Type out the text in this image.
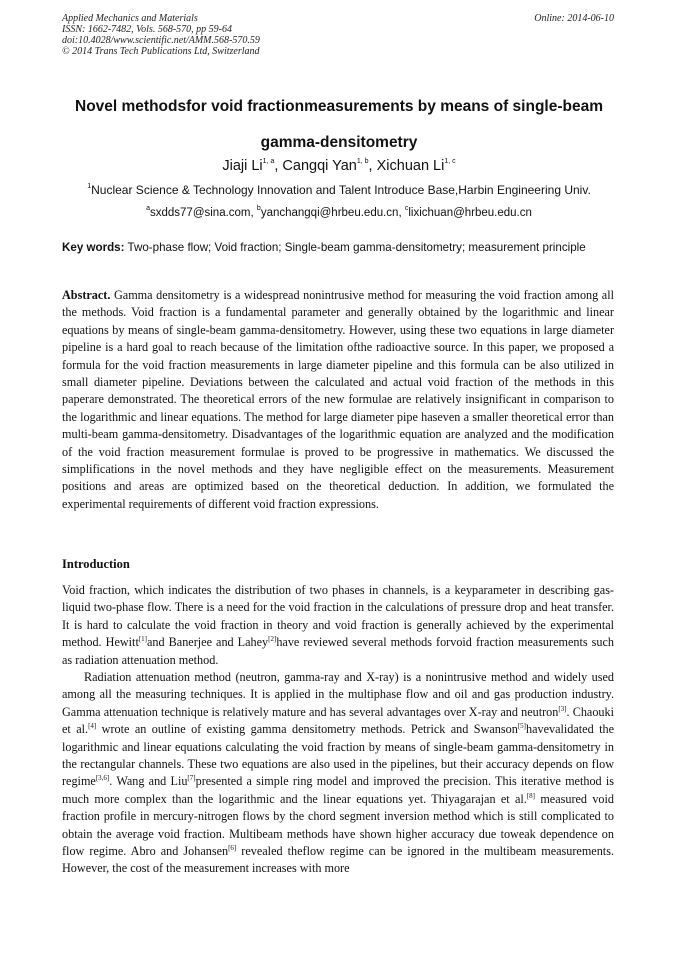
Applied Mechanics and Materials
ISSN: 1662-7482, Vols. 568-570, pp 59-64
doi:10.4028/www.scientific.net/AMM.568-570.59
© 2014 Trans Tech Publications Ltd, Switzerland
Online: 2014-06-10
Novel methodsfor void fractionmeasurements by means of single-beam
gamma-densitometry
Jiaji Li$^{1, a}$, Cangqi Yan$^{1, b}$, Xichuan Li$^{1, c}$
$^1$Nuclear Science & Technology Innovation and Talent Introduce Base,Harbin Engineering Univ.
$^a$sxdds77@sina.com, $^b$yanchangqi@hrbeu.edu.cn, $^c$lixichuan@hrbeu.edu.cn
Key words: Two-phase flow; Void fraction; Single-beam gamma-densitometry; measurement principle
Abstract. Gamma densitometry is a widespread nonintrusive method for measuring the void fraction among all the methods. Void fraction is a fundamental parameter and generally obtained by the logarithmic and linear equations by means of single-beam gamma-densitometry. However, using these two equations in large diameter pipeline is a hard goal to reach because of the limitation ofthe radioactive source. In this paper, we proposed a formula for the void fraction measurements in large diameter pipeline and this formula can be also utilized in small diameter pipeline. Deviations between the calculated and actual void fraction of the methods in this paperare demonstrated. The theoretical errors of the new formulae are relatively insignificant in comparison to the logarithmic and linear equations. The method for large diameter pipe haseven a smaller theoretical error than multi-beam gamma-densitometry. Disadvantages of the logarithmic equation are analyzed and the modification of the void fraction measurement formulae is proved to be progressive in mathematics. We discussed the simplifications in the novel methods and they have negligible effect on the measurements. Measurement positions and areas are optimized based on the theoretical deduction. In addition, we formulated the experimental requirements of different void fraction expressions.
Introduction

Void fraction, which indicates the distribution of two phases in channels, is a keyparameter in describing gas-liquid two-phase flow. There is a need for the void fraction in the calculations of pressure drop and heat transfer. It is hard to calculate the void fraction in theory and void fraction is generally achieved by the experimental method. Hewitt[1]and Banerjee and Lahey[2]have reviewed several methods forvoid fraction measurements such as radiation attenuation method.

Radiation attenuation method (neutron, gamma-ray and X-ray) is a nonintrusive method and widely used among all the measuring techniques. It is applied in the multiphase flow and oil and gas production industry. Gamma attenuation technique is relatively mature and has several advantages over X-ray and neutron[3]. Chaouki et al.[4] wrote an outline of existing gamma densitometry methods. Petrick and Swanson[5]havevalidated the logarithmic and linear equations calculating the void fraction by means of single-beam gamma-densitometry in the rectangular channels. These two equations are also used in the pipelines, but their accuracy depends on flow regime[3,6]. Wang and Liu[7]presented a simple ring model and improved the precision. This iterative method is much more complex than the logarithmic and the linear equations yet. Thiyagarajan et al.[8] measured void fraction profile in mercury-nitrogen flows by the chord segment inversion method which is still complicated to obtain the average void fraction. Multibeam methods have shown higher accuracy due toweak dependence on flow regime. Abro and Johansen[6] revealed theflow regime can be ignored in the multibeam measurements. However, the cost of the measurement increases with more
